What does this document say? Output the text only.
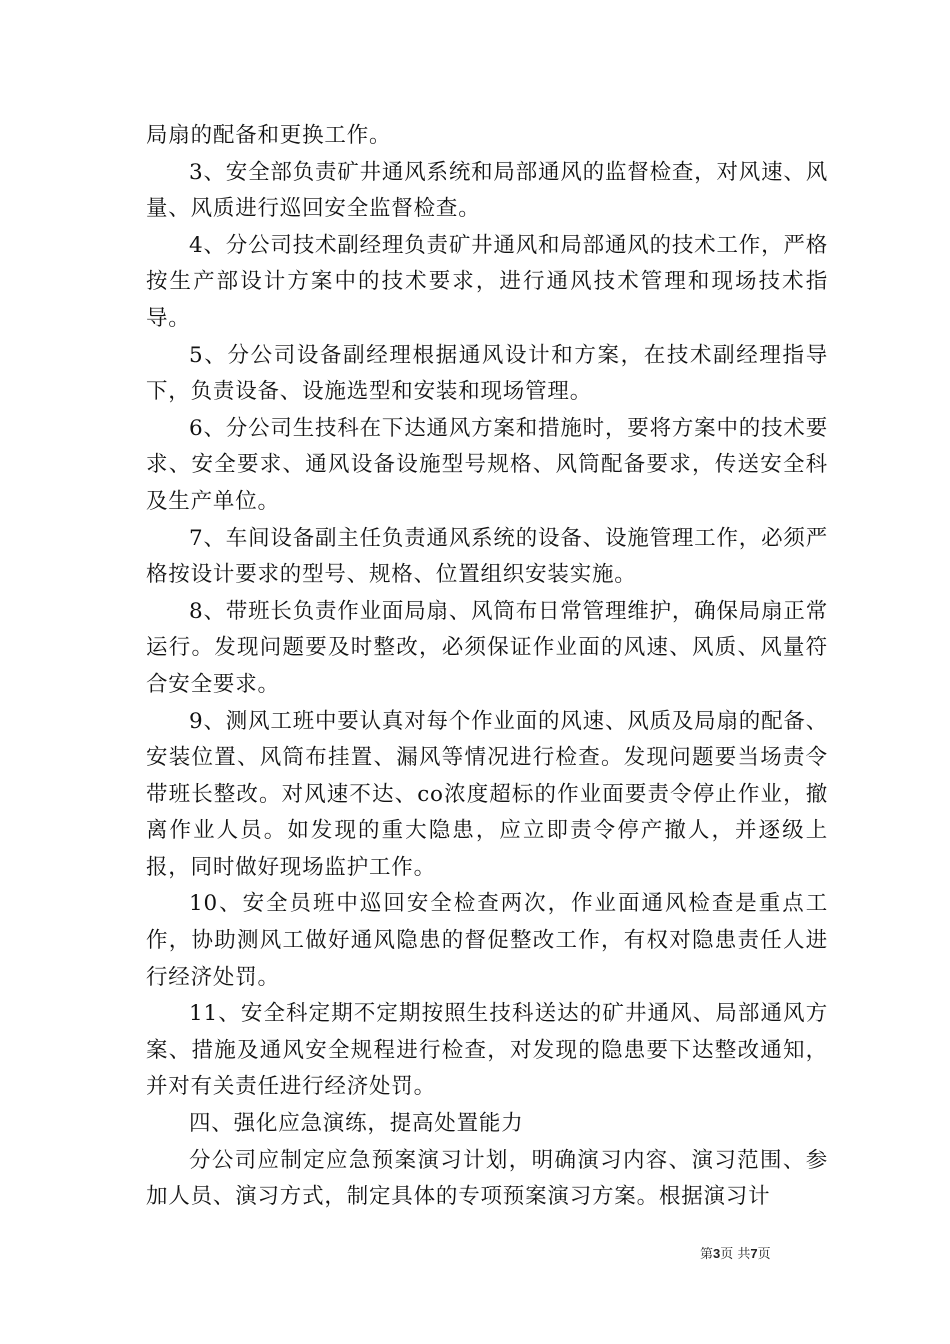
局扇的配备和更换工作。

3、安全部负责矿井通风系统和局部通风的监督检查，对风速、风量、风质进行巡回安全监督检查。

4、分公司技术副经理负责矿井通风和局部通风的技术工作，严格按生产部设计方案中的技术要求，进行通风技术管理和现场技术指导。

5、分公司设备副经理根据通风设计和方案，在技术副经理指导下，负责设备、设施选型和安装和现场管理。

6、分公司生技科在下达通风方案和措施时，要将方案中的技术要求、安全要求、通风设备设施型号规格、风筒配备要求，传送安全科及生产单位。

7、车间设备副主任负责通风系统的设备、设施管理工作，必须严格按设计要求的型号、规格、位置组织安装实施。

8、带班长负责作业面局扇、风筒布日常管理维护，确保局扇正常运行。发现问题要及时整改，必须保证作业面的风速、风质、风量符合安全要求。

9、测风工班中要认真对每个作业面的风速、风质及局扇的配备、安装位置、风筒布挂置、漏风等情况进行检查。发现问题要当场责令带班长整改。对风速不达、co浓度超标的作业面要责令停止作业，撤离作业人员。如发现的重大隐患，应立即责令停产撤人，并逐级上报，同时做好现场监护工作。

10、安全员班中巡回安全检查两次，作业面通风检查是重点工作，协助测风工做好通风隐患的督促整改工作，有权对隐患责任人进行经济处罚。

11、安全科定期不定期按照生技科送达的矿井通风、局部通风方案、措施及通风安全规程进行检查，对发现的隐患要下达整改通知，并对有关责任进行经济处罚。

四、强化应急演练，提高处置能力

分公司应制定应急预案演习计划，明确演习内容、演习范围、参加人员、演习方式，制定具体的专项预案演习方案。根据演习计

第3页 共7页
